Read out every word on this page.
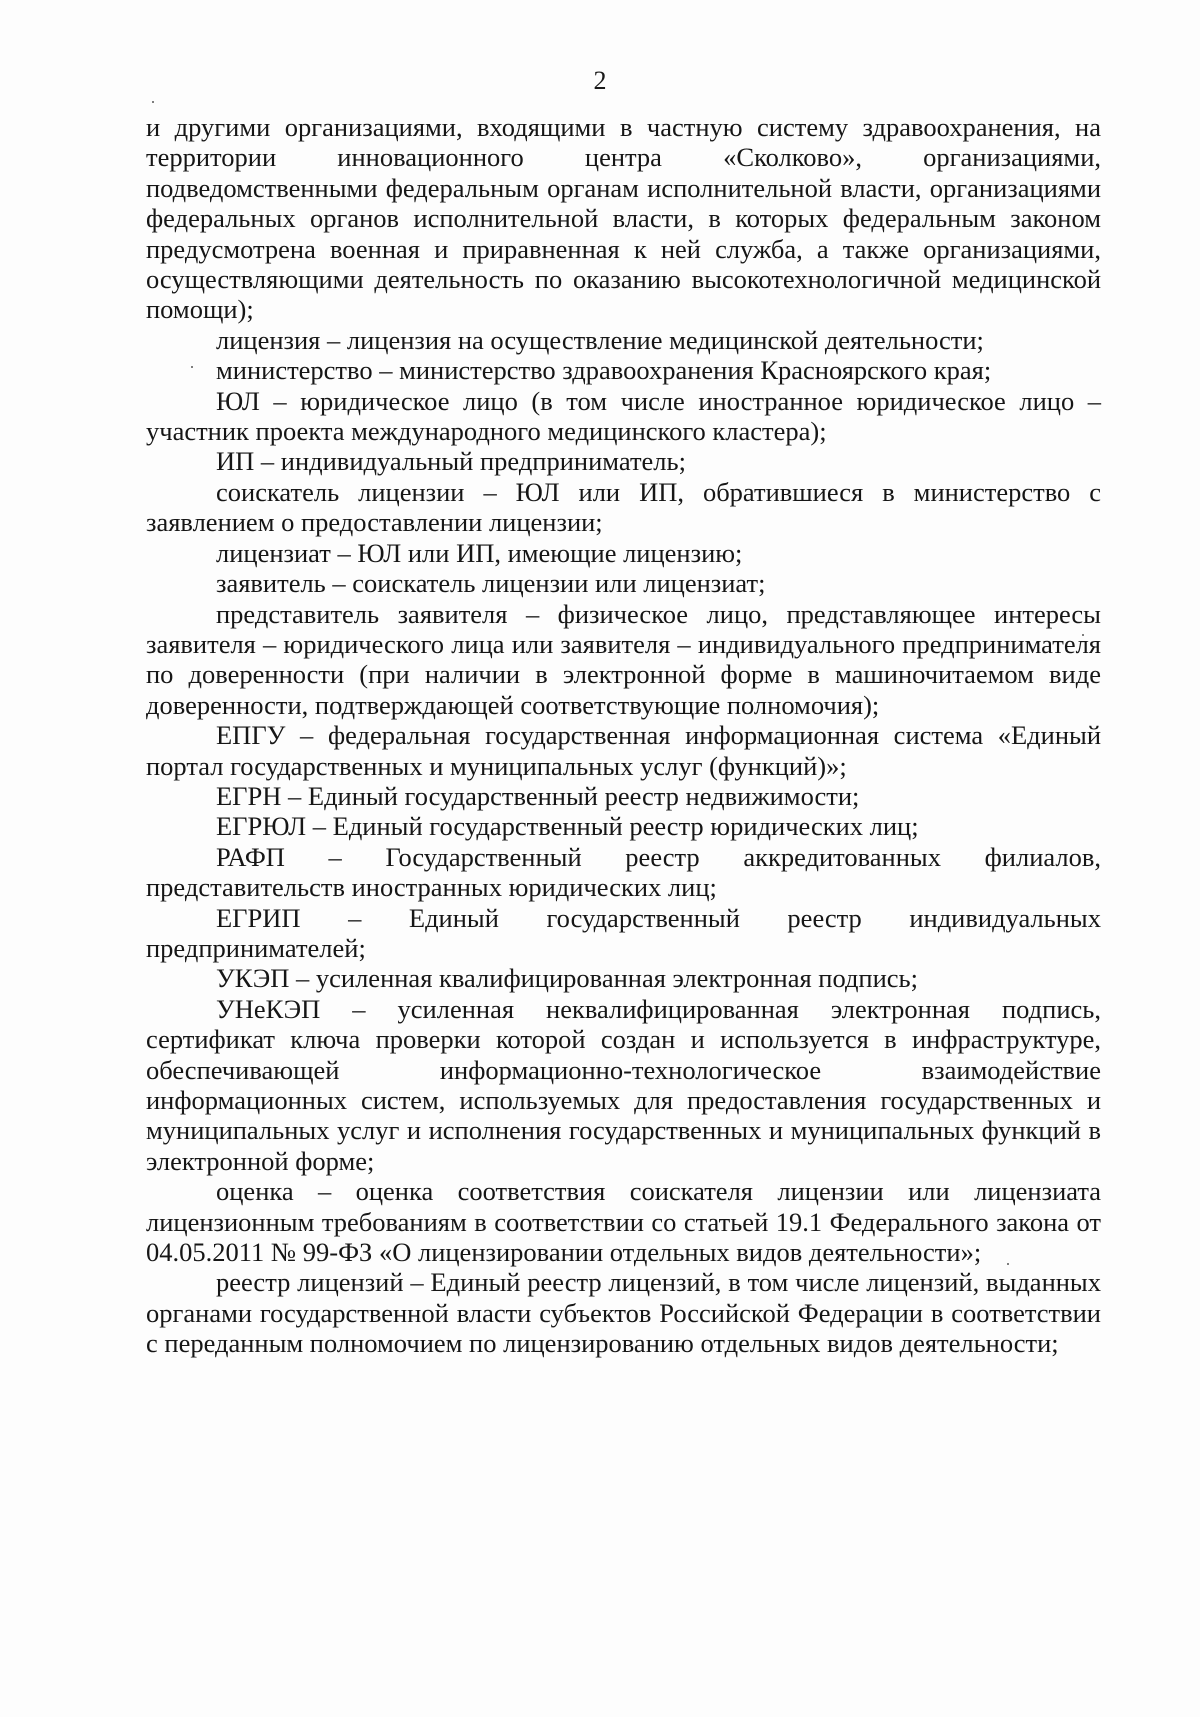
2

и другими организациями, входящими в частную систему здравоохранения, на территории инновационного центра «Сколково», организациями, подведомственными федеральным органам исполнительной власти, организациями федеральных органов исполнительной власти, в которых федеральным законом предусмотрена военная и приравненная к ней служба, а также организациями, осуществляющими деятельность по оказанию высокотехнологичной медицинской помощи);

лицензия – лицензия на осуществление медицинской деятельности;

министерство – министерство здравоохранения Красноярского края;

ЮЛ – юридическое лицо (в том числе иностранное юридическое лицо – участник проекта международного медицинского кластера);

ИП – индивидуальный предприниматель;

соискатель лицензии – ЮЛ или ИП, обратившиеся в министерство с заявлением о предоставлении лицензии;

лицензиат – ЮЛ или ИП, имеющие лицензию;

заявитель – соискатель лицензии или лицензиат;

представитель заявителя – физическое лицо, представляющее интересы заявителя – юридического лица или заявителя – индивидуального предпринимателя по доверенности (при наличии в электронной форме в машиночитаемом виде доверенности, подтверждающей соответствующие полномочия);

ЕПГУ – федеральная государственная информационная система «Единый портал государственных и муниципальных услуг (функций)»;

ЕГРН – Единый государственный реестр недвижимости;

ЕГРЮЛ – Единый государственный реестр юридических лиц;

РАФП – Государственный реестр аккредитованных филиалов, представительств иностранных юридических лиц;

ЕГРИП – Единый государственный реестр индивидуальных предпринимателей;

УКЭП – усиленная квалифицированная электронная подпись;

УНеКЭП – усиленная неквалифицированная электронная подпись, сертификат ключа проверки которой создан и используется в инфраструктуре, обеспечивающей информационно-технологическое взаимодействие информационных систем, используемых для предоставления государственных и муниципальных услуг и исполнения государственных и муниципальных функций в электронной форме;

оценка – оценка соответствия соискателя лицензии или лицензиата лицензионным требованиям в соответствии со статьей 19.1 Федерального закона от 04.05.2011 № 99-ФЗ «О лицензировании отдельных видов деятельности»;

реестр лицензий – Единый реестр лицензий, в том числе лицензий, выданных органами государственной власти субъектов Российской Федерации в соответствии с переданным полномочием по лицензированию отдельных видов деятельности;
